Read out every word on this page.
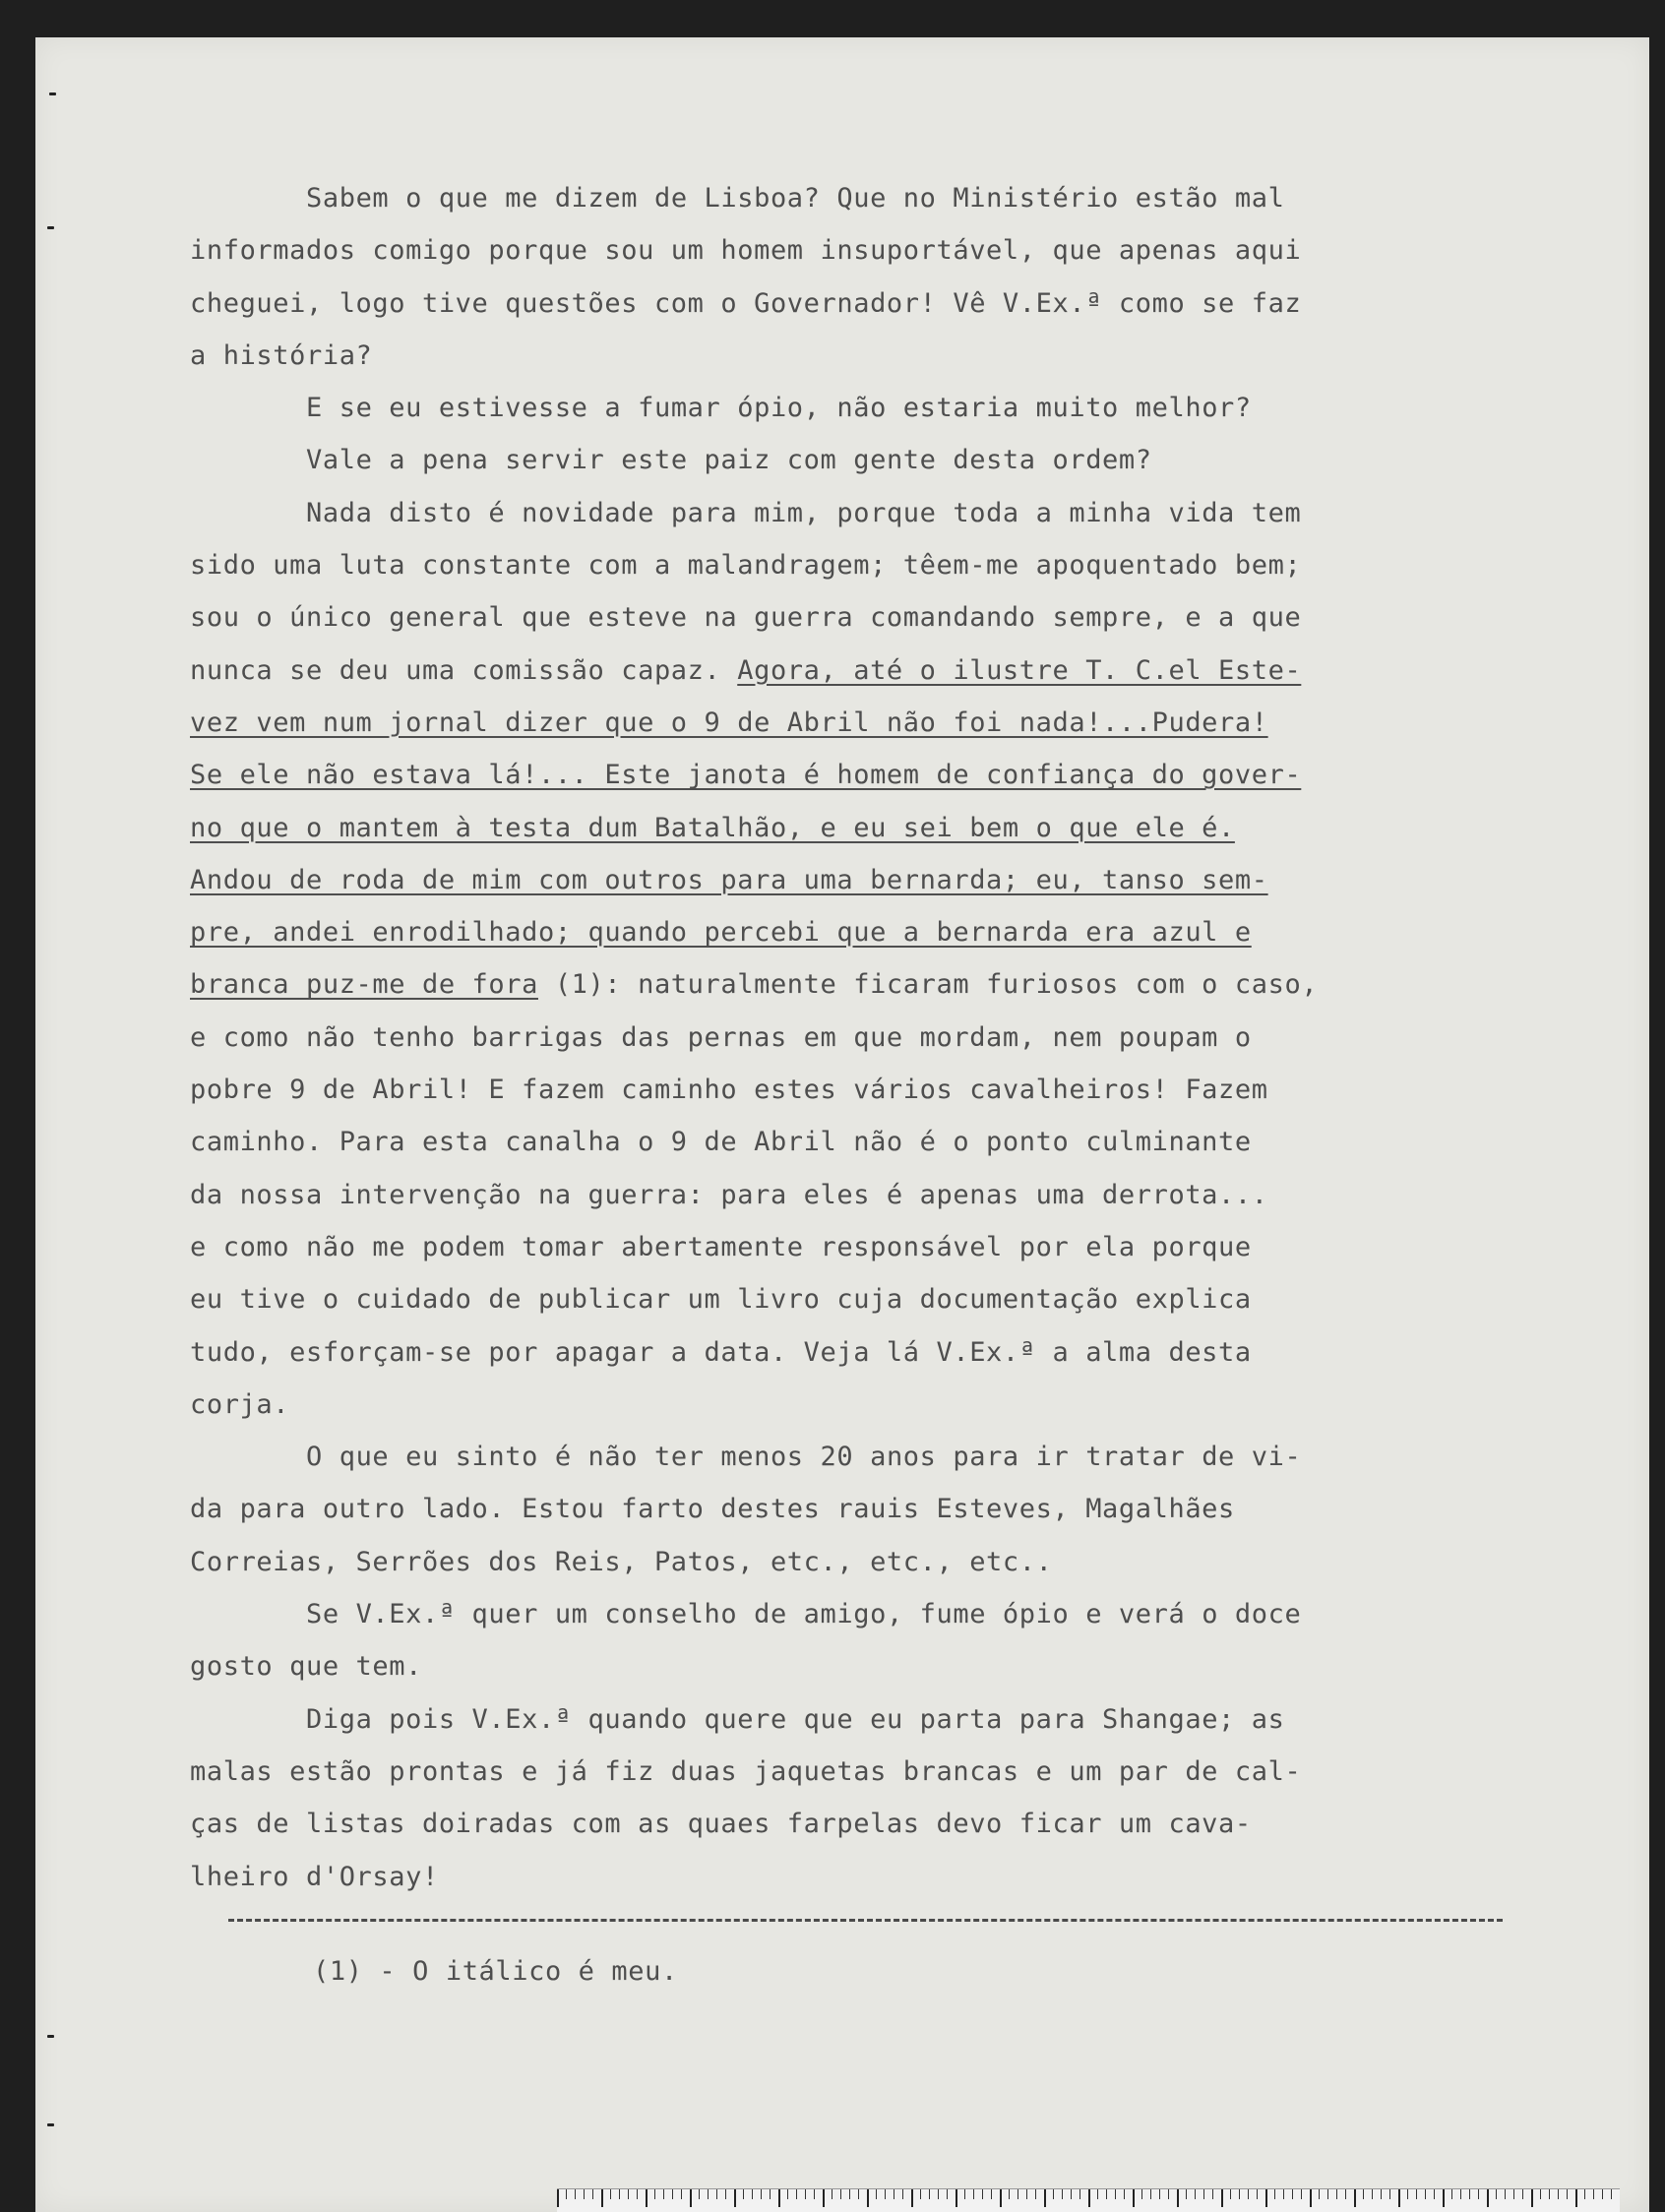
Sabem o que me dizem de Lisboa? Que no Ministério estão mal
informados comigo porque sou um homem insuportável, que apenas aqui
cheguei, logo tive questões com o Governador! Vê V.Ex.ª como se faz
a história?
E se eu estivesse a fumar ópio, não estaria muito melhor?
Vale a pena servir este paiz com gente desta ordem?
Nada disto é novidade para mim, porque toda a minha vida tem
sido uma luta constante com a malandragem; têem-me apoquentado bem;
sou o único general que esteve na guerra comandando sempre, e a que
nunca se deu uma comissão capaz. Agora, até o ilustre T. C.el Este-
vez vem num jornal dizer que o 9 de Abril não foi nada!...Pudera!
Se ele não estava lá!... Este janota é homem de confiança do gover-
no que o mantem à testa dum Batalhão, e eu sei bem o que ele é.
Andou de roda de mim com outros para uma bernarda; eu, tanso sem-
pre, andei enrodilhado; quando percebi que a bernarda era azul e
branca puz-me de fora (1): naturalmente ficaram furiosos com o caso,
e como não tenho barrigas das pernas em que mordam, nem poupam o
pobre 9 de Abril! E fazem caminho estes vários cavalheiros! Fazem
caminho. Para esta canalha o 9 de Abril não é o ponto culminante
da nossa intervenção na guerra: para eles é apenas uma derrota...
e como não me podem tomar abertamente responsável por ela porque
eu tive o cuidado de publicar um livro cuja documentação explica
tudo, esforçam-se por apagar a data. Veja lá V.Ex.ª a alma desta
corja.
O que eu sinto é não ter menos 20 anos para ir tratar de vi-
da para outro lado. Estou farto destes rauis Esteves, Magalhães
Correias, Serrões dos Reis, Patos, etc., etc., etc..
Se V.Ex.ª quer um conselho de amigo, fume ópio e verá o doce
gosto que tem.
Diga pois V.Ex.ª quando quere que eu parta para Shangae; as
malas estão prontas e já fiz duas jaquetas brancas e um par de cal-
ças de listas doiradas com as quaes farpelas devo ficar um cava-
lheiro d'Orsay!
(1) - O itálico é meu.
